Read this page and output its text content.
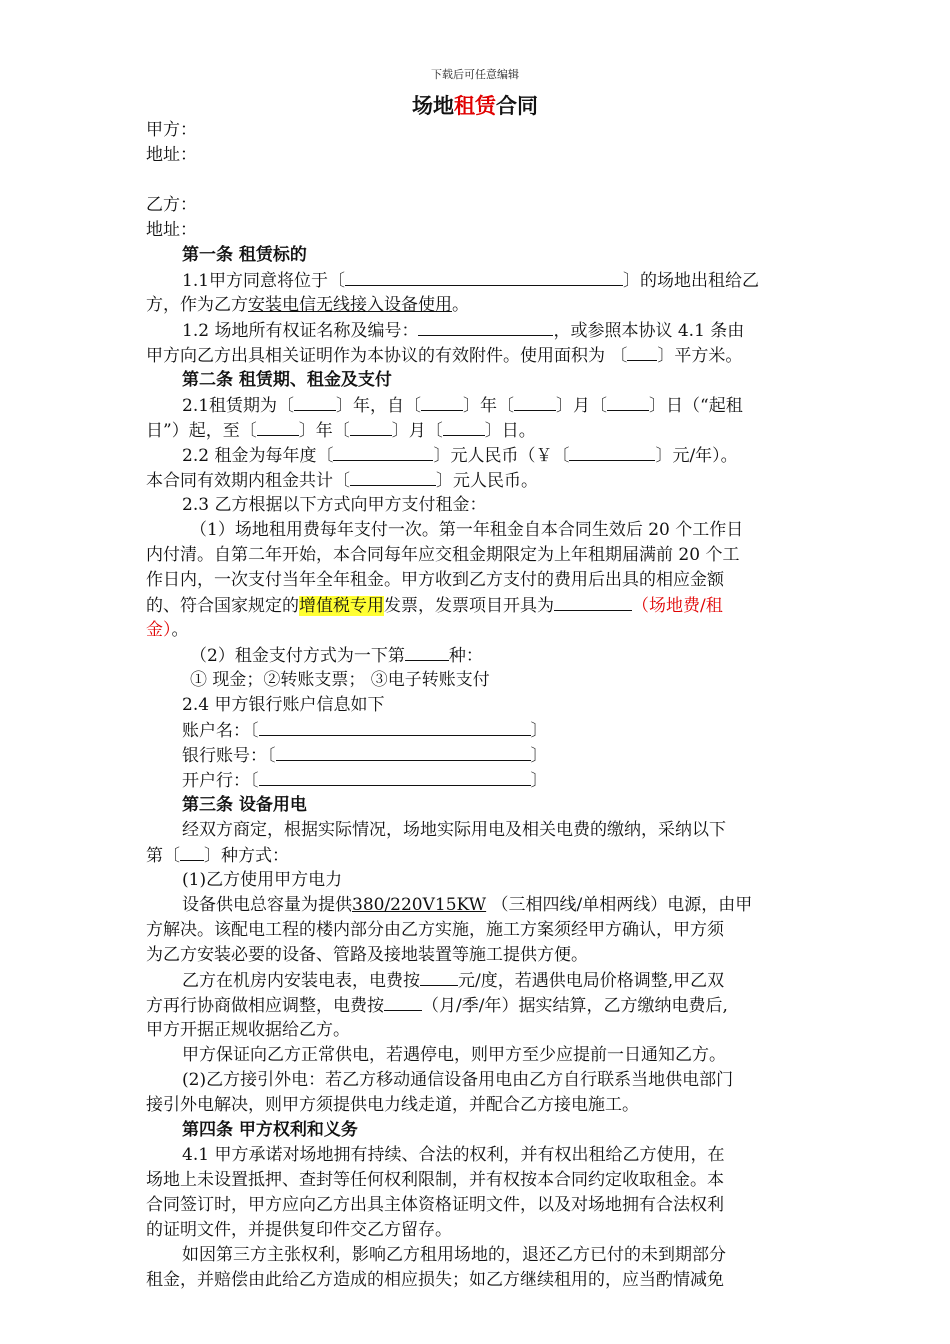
下载后可任意编辑
场地租赁合同
甲方：
地址：
乙方：
地址：
第一条 租赁标的
1.1甲方同意将位于〔	〕的场地出租给乙
方，作为乙方安装电信无线接入设备使用。
1.2 场地所有权证名称及编号：	，或参照本协议 4.1 条由
甲方向乙方出具相关证明作为本协议的有效附件。使用面积为 〔 〕平方米。
第二条 租赁期、租金及支付
2.1租赁期为〔 〕年，自〔 〕年〔 〕月〔 〕日（“起租
日”）起，至〔 〕年〔 〕月〔 〕日。
2.2 租金为每年度〔	〕元人民币（￥〔	〕元/年）。
本合同有效期内租金共计〔	〕元人民币。
2.3 乙方根据以下方式向甲方支付租金：
（1）场地租用费每年支付一次。第一年租金自本合同生效后 20 个工作日
内付清。自第二年开始，本合同每年应交租金期限定为上年租期届满前 20 个工
作日内，一次支付当年全年租金。甲方收到乙方支付的费用后出具的相应金额
的、符合国家规定的增值税专用发票，发票项目开具为	（场地费/租
金）。
（2）租金支付方式为一下第	种：
① 现金；②转账支票； ③电子转账支付
2.4 甲方银行账户信息如下
账户名：〔	〕
银行账号：〔	〕
开户行：〔	〕
第三条 设备用电
经双方商定，根据实际情况，场地实际用电及相关电费的缴纳，采纳以下
第〔 〕种方式：
(1)乙方使用甲方电力
设备供电总容量为提供380/220V15KW （三相四线/单相两线）电源，由甲
方解决。该配电工程的楼内部分由乙方实施，施工方案须经甲方确认，甲方须
为乙方安装必要的设备、管路及接地装置等施工提供方便。
乙方在机房内安装电表，电费按 元/度，若遇供电局价格调整,甲乙双
方再行协商做相应调整，电费按 （月/季/年）据实结算，乙方缴纳电费后,
甲方开据正规收据给乙方。
甲方保证向乙方正常供电，若遇停电，则甲方至少应提前一日通知乙方。
(2)乙方接引外电：若乙方移动通信设备用电由乙方自行联系当地供电部门
接引外电解决，则甲方须提供电力线走道，并配合乙方接电施工。
第四条 甲方权利和义务
4.1 甲方承诺对场地拥有持续、合法的权利，并有权出租给乙方使用，在
场地上未设置抵押、查封等任何权利限制，并有权按本合同约定收取租金。本
合同签订时，甲方应向乙方出具主体资格证明文件，以及对场地拥有合法权利
的证明文件，并提供复印件交乙方留存。
如因第三方主张权利，影响乙方租用场地的，退还乙方已付的未到期部分
租金，并赔偿由此给乙方造成的相应损失；如乙方继续租用的，应当酌情减免
